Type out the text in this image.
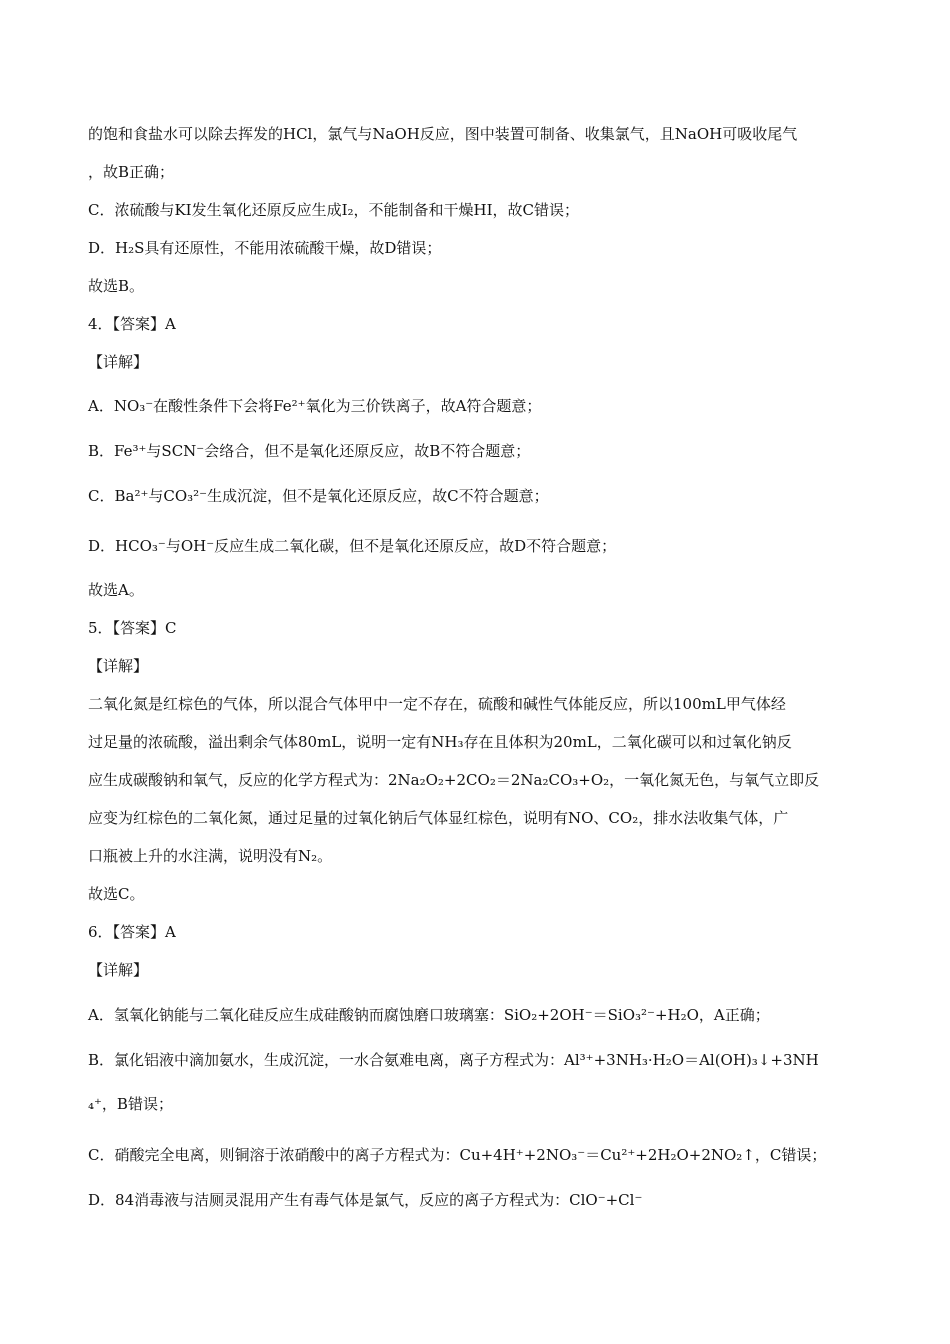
的饱和食盐水可以除去挥发的HCl，氯气与NaOH反应，图中装置可制备、收集氯气，且NaOH可吸收尾气
，故B正确；
C．浓硫酸与KI发生氧化还原反应生成I₂，不能制备和干燥HI，故C错误；
D．H₂S具有还原性，不能用浓硫酸干燥，故D错误；
故选B。
4．【答案】A
【详解】
A．NO₃⁻在酸性条件下会将Fe²⁺氧化为三价铁离子，故A符合题意；
B．Fe³⁺与SCN⁻会络合，但不是氧化还原反应，故B不符合题意；
C．Ba²⁺与CO₃²⁻生成沉淀，但不是氧化还原反应，故C不符合题意；
D．HCO₃⁻与OH⁻反应生成二氧化碳，但不是氧化还原反应，故D不符合题意；
故选A。
5．【答案】C
【详解】
二氧化氮是红棕色的气体，所以混合气体甲中一定不存在，硫酸和碱性气体能反应，所以100mL甲气体经
过足量的浓硫酸，溢出剩余气体80mL，说明一定有NH₃存在且体积为20mL，二氧化碳可以和过氧化钠反
应生成碳酸钠和氧气，反应的化学方程式为：2Na₂O₂+2CO₂＝2Na₂CO₃+O₂，一氧化氮无色，与氧气立即反
应变为红棕色的二氧化氮，通过足量的过氧化钠后气体显红棕色，说明有NO、CO₂，排水法收集气体，广
口瓶被上升的水注满，说明没有N₂。
故选C。
6．【答案】A
【详解】
A．氢氧化钠能与二氧化硅反应生成硅酸钠而腐蚀磨口玻璃塞：SiO₂+2OH⁻＝SiO₃²⁻+H₂O，A正确；
B．氯化铝液中滴加氨水，生成沉淀，一水合氨难电离，离子方程式为：Al³⁺+3NH₃·H₂O＝Al(OH)₃↓+3NH
₄⁺，B错误；
C．硝酸完全电离，则铜溶于浓硝酸中的离子方程式为：Cu+4H⁺+2NO₃⁻＝Cu²⁺+2H₂O+2NO₂↑，C错误；
D．84消毒液与洁厕灵混用产生有毒气体是氯气，反应的离子方程式为：ClO⁻+Cl⁻
